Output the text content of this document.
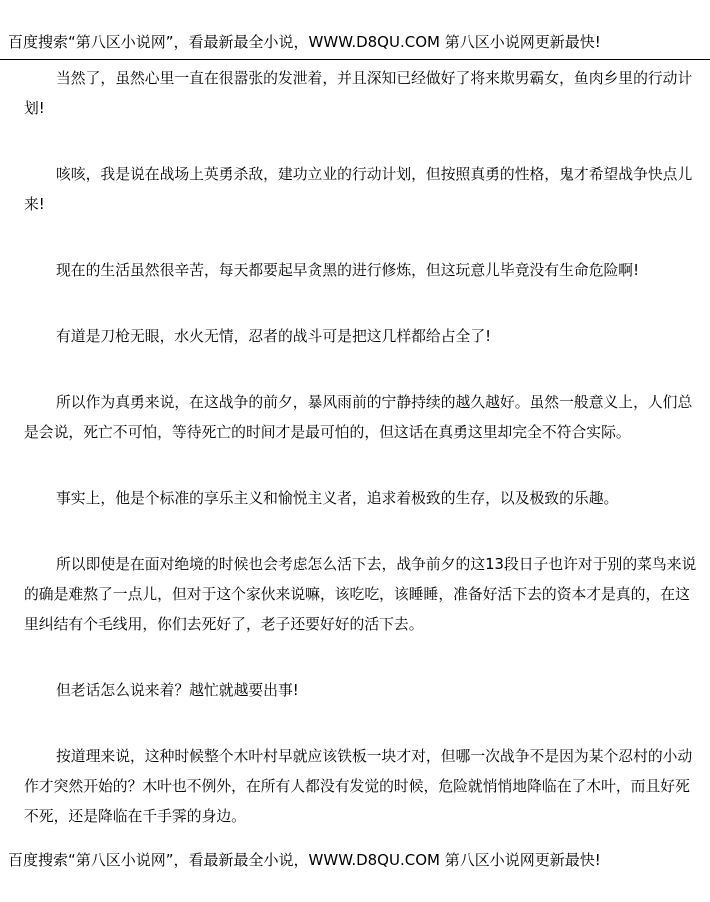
百度搜索“第八区小说网”，看最新最全小说，WWW.D8QU.COM 第八区小说网更新最快!

当然了，虽然心里一直在很嚣张的发泄着，并且深知已经做好了将来欺男霸女，鱼肉乡里的行动计划!

咳咳，我是说在战场上英勇杀敌，建功立业的行动计划，但按照真勇的性格，鬼才希望战争快点儿来!

现在的生活虽然很辛苦，每天都要起早贪黑的进行修炼，但这玩意儿毕竟没有生命危险啊!

有道是刀枪无眼，水火无情，忍者的战斗可是把这几样都给占全了!

所以作为真勇来说，在这战争的前夕，暴风雨前的宁静持续的越久越好。虽然一般意义上，人们总是会说，死亡不可怕，等待死亡的时间才是最可怕的，但这话在真勇这里却完全不符合实际。

事实上，他是个标准的享乐主义和愉悦主义者，追求着极致的生存，以及极致的乐趣。

所以即使是在面对绝境的时候也会考虑怎么活下去，战争前夕的这13段日子也许对于别的菜鸟来说的确是难熬了一点儿，但对于这个家伙来说嘛，该吃吃，该睡睡，准备好活下去的资本才是真的，在这里纠结有个毛线用，你们去死好了，老子还要好好的活下去。

但老话怎么说来着？越忙就越要出事!

按道理来说，这种时候整个木叶村早就应该铁板一块才对，但哪一次战争不是因为某个忍村的小动作才突然开始的？木叶也不例外，在所有人都没有发觉的时候，危险就悄悄地降临在了木叶，而且好死不死，还是降临在千手霁的身边。

百度搜索“第八区小说网”，看最新最全小说，WWW.D8QU.COM 第八区小说网更新最快!
